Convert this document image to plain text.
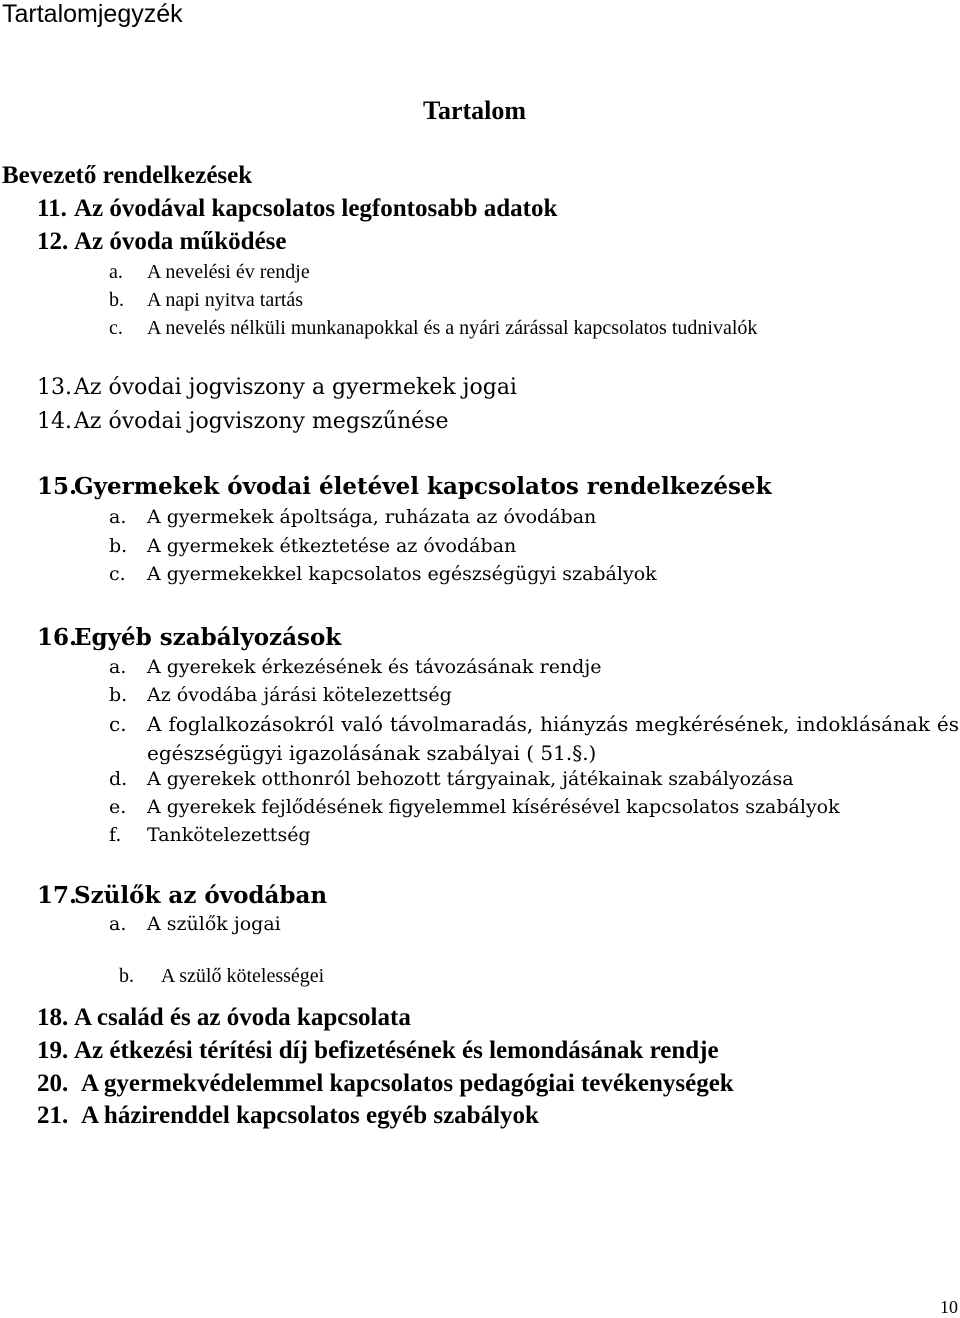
Tartalomjegyzék
Tartalom
Bevezető rendelkezések
11. Az óvodával kapcsolatos legfontosabb adatok
12. Az óvoda működése
a. A nevelési év rendje
b. A napi nyitva tartás
c. A nevelés nélküli munkanapokkal és a nyári zárással kapcsolatos tudnivalók
13.Az óvodai jogviszony a gyermekek jogai
14.Az óvodai jogviszony megszűnése
15.Gyermekek óvodai életével kapcsolatos rendelkezések
a. A gyermekek ápoltsága, ruházata az óvodában
b. A gyermekek étkeztetése az óvodában
c. A gyermekekkel kapcsolatos egészségügyi szabályok
16.Egyéb szabályozások
a. A gyerekek érkezésének és távozásának rendje
b. Az óvodába járási kötelezettség
c. A foglalkozásokról való távolmaradás, hiányzás megkérésének, indoklásának és egészségügyi igazolásának szabályai ( 51.§.)
d. A gyerekek otthonról behozott tárgyainak, játékainak szabályozása
e. A gyerekek fejlődésének figyelemmel kísérésével kapcsolatos szabályok
f. Tankötelezettség
17.Szülők az óvodában
a. A szülők jogai

b. A szülő kötelességei

18. A család és az óvoda kapcsolata
19. Az étkezési térítési díj befizetésének és lemondásának rendje
20. A gyermekvédelemmel kapcsolatos pedagógiai tevékenységek
21. A házirenddel kapcsolatos egyéb szabályok
10
